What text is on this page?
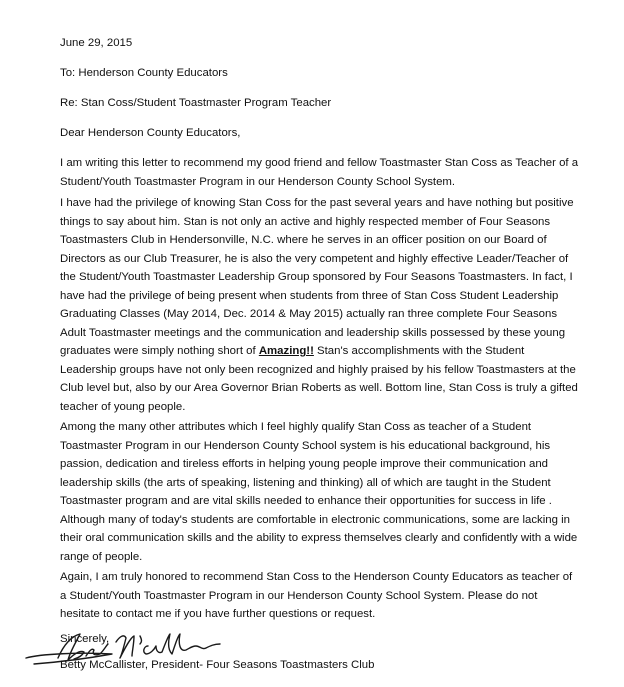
June 29, 2015

To: Henderson County Educators

Re: Stan Coss/Student Toastmaster Program Teacher

Dear Henderson County Educators,

I am writing this letter to recommend my good friend and fellow Toastmaster Stan Coss as Teacher of a Student/Youth Toastmaster Program in our Henderson County School System.

I have had the privilege of knowing Stan Coss for the past several years and have nothing but positive things to say about him. Stan is not only an active and highly respected member of Four Seasons Toastmasters Club in Hendersonville, N.C. where he serves in an officer position on our Board of Directors as our Club Treasurer, he is also the very competent and highly effective Leader/Teacher of the Student/Youth Toastmaster Leadership Group sponsored by Four Seasons Toastmasters. In fact, I have had the privilege of being present when students from three of Stan Coss Student Leadership Graduating Classes (May 2014, Dec. 2014 & May 2015) actually ran three complete Four Seasons Adult Toastmaster meetings and the communication and leadership skills possessed by these young graduates were simply nothing short of Amazing!! Stan's accomplishments with the Student Leadership groups have not only been recognized and highly praised by his fellow Toastmasters at the Club level but, also by our Area Governor Brian Roberts as well. Bottom line, Stan Coss is truly a gifted teacher of young people.

Among the many other attributes which I feel highly qualify Stan Coss as teacher of a Student Toastmaster Program in our Henderson County School system is his educational background, his passion, dedication and tireless efforts in helping young people improve their communication and leadership skills (the arts of speaking, listening and thinking) all of which are taught in the Student Toastmaster program and are vital skills needed to enhance their opportunities for success in life . Although many of today's students are comfortable in electronic communications, some are lacking in their oral communication skills and the ability to express themselves clearly and confidently with a wide range of people.

Again, I am truly honored to recommend Stan Coss to the Henderson County Educators as teacher of a Student/Youth Toastmaster Program in our Henderson County School System. Please do not hesitate to contact me if you have further questions or request.

Sincerely,

Betty McCallister, President- Four Seasons Toastmasters Club
